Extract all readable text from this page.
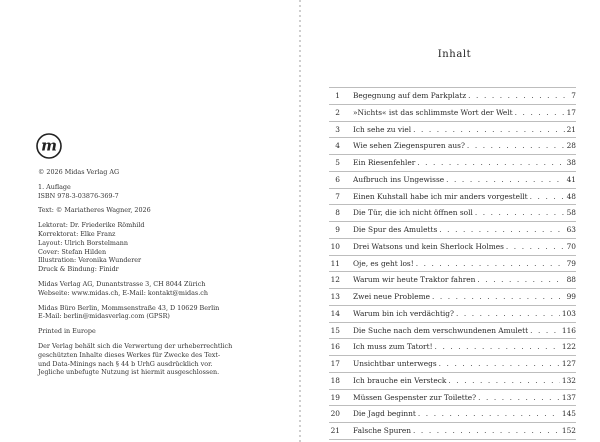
m
© 2026 Midas Verlag AG
1. Auflage
ISBN 978-3-03876-369-7
Text: © Mariatheres Wagner, 2026
Lektorat: Dr. Friederike Römhild
Korrektorat: Elke Franz
Layout: Ulrich Borstelmann
Cover: Stefan Hilden
Illustration: Veronika Wunderer
Druck & Bindung: Finidr
Midas Verlag AG, Dunantstrasse 3, CH 8044 Zürich
Webseite: www.midas.ch, E-Mail: kontakt@midas.ch
Midas Büro Berlin, Mommsenstraße 43, D 10629 Berlin
E-Mail: berlin@midasverlag.com (GPSR)
Printed in Europe
Der Verlag behält sich die Verwertung der urheberrechtlich
geschützten Inhalte dieses Werkes für Zwecke des Text-
und Data-Minings nach § 44 b UrhG ausdrücklich vor.
Jegliche unbefugte Nutzung ist hiermit ausgeschlossen.
Inhalt
1 Begegnung auf dem Parkplatz . . .	7
2 »Nichts« ist das schlimmste Wort der Welt . . .	17
3 Ich sehe zu viel . . .	21
4 Wie sehen Ziegenspuren aus? . . .	28
5 Ein Riesenfehler . . .	38
6 Aufbruch ins Ungewisse . . .	41
7 Einen Kuhstall habe ich mir anders vorgestellt . . .	48
8 Die Tür, die ich nicht öffnen soll . . .	58
9 Die Spur des Amuletts . . .	63
10 Drei Watsons und kein Sherlock Holmes . . .	70
11 Oje, es geht los! . . .	79
12 Warum wir heute Traktor fahren . . .	88
13 Zwei neue Probleme . . .	99
14 Warum bin ich verdächtig? . . .	103
15 Die Suche nach dem verschwundenen Amulett . . .	116
16 Ich muss zum Tatort! . . .	122
17 Unsichtbar unterwegs . . .	127
18 Ich brauche ein Versteck . . .	132
19 Müssen Gespenster zur Toilette? . . .	137
20 Die Jagd beginnt . . .	145
21 Falsche Spuren . . .	152
